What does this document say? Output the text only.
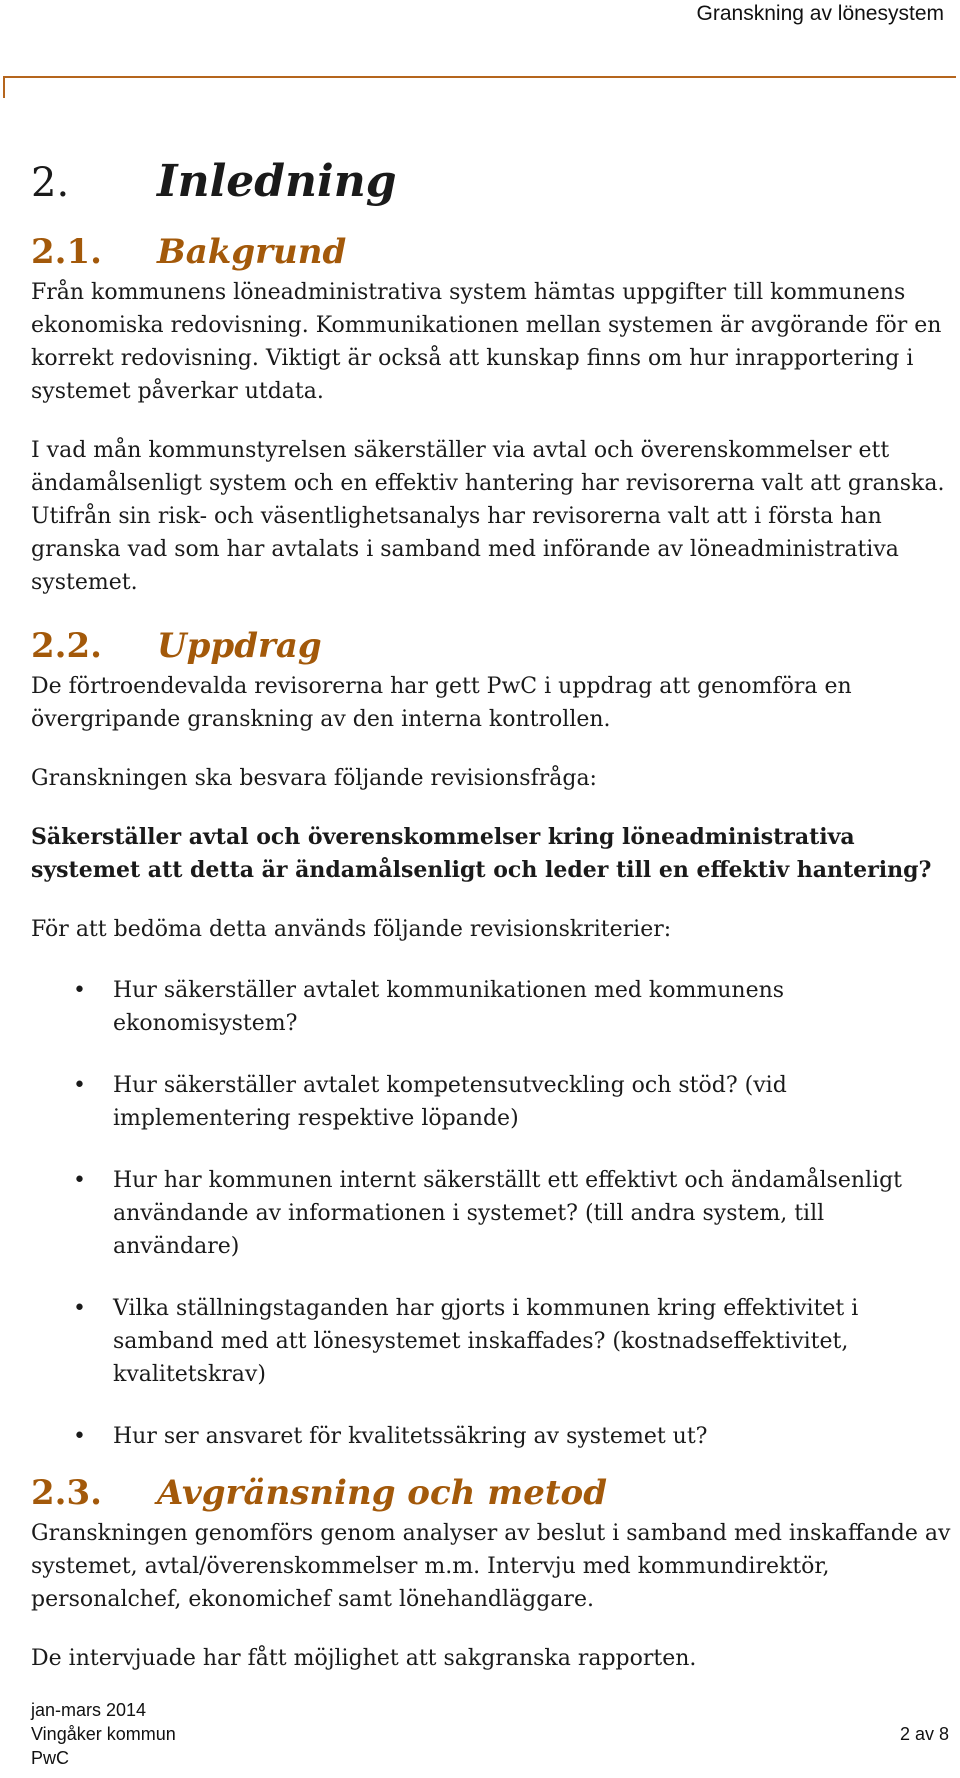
Granskning av lönesystem
2.	Inledning
2.1.	Bakgrund

Från kommunens löneadministrativa system hämtas uppgifter till kommunens ekonomiska redovisning. Kommunikationen mellan systemen är avgörande för en korrekt redovisning. Viktigt är också att kunskap finns om hur inrapportering i systemet påverkar utdata.

I vad mån kommunstyrelsen säkerställer via avtal och överenskommelser ett ändamålsenligt system och en effektiv hantering har revisorerna valt att granska. Utifrån sin risk- och väsentlighetsanalys har revisorerna valt att i första han granska vad som har avtalats i samband med införande av löneadministrativa systemet.

2.2.	Uppdrag

De förtroendevalda revisorerna har gett PwC i uppdrag att genomföra en övergripande granskning av den interna kontrollen.

Granskningen ska besvara följande revisionsfråga:

Säkerställer avtal och överenskommelser kring löneadministrativa systemet att detta är ändamålsenligt och leder till en effektiv hantering?

För att bedöma detta används följande revisionskriterier:

• Hur säkerställer avtalet kommunikationen med kommunens ekonomisystem?
• Hur säkerställer avtalet kompetensutveckling och stöd? (vid implementering respektive löpande)
• Hur har kommunen internt säkerställt ett effektivt och ändamålsenligt användande av informationen i systemet? (till andra system, till användare)
• Vilka ställningstaganden har gjorts i kommunen kring effektivitet i samband med att lönesystemet inskaffades? (kostnadseffektivitet, kvalitetskrav)
• Hur ser ansvaret för kvalitetssäkring av systemet ut?
2.3.	Avgränsning och metod

Granskningen genomförs genom analyser av beslut i samband med inskaffande av systemet, avtal/överenskommelser m.m. Intervju med kommundirektör, personalchef, ekonomichef samt lönehandläggare.

De intervjuade har fått möjlighet att sakgranska rapporten.

jan-mars 2014
Vingåker kommun
PwC
2 av 8
